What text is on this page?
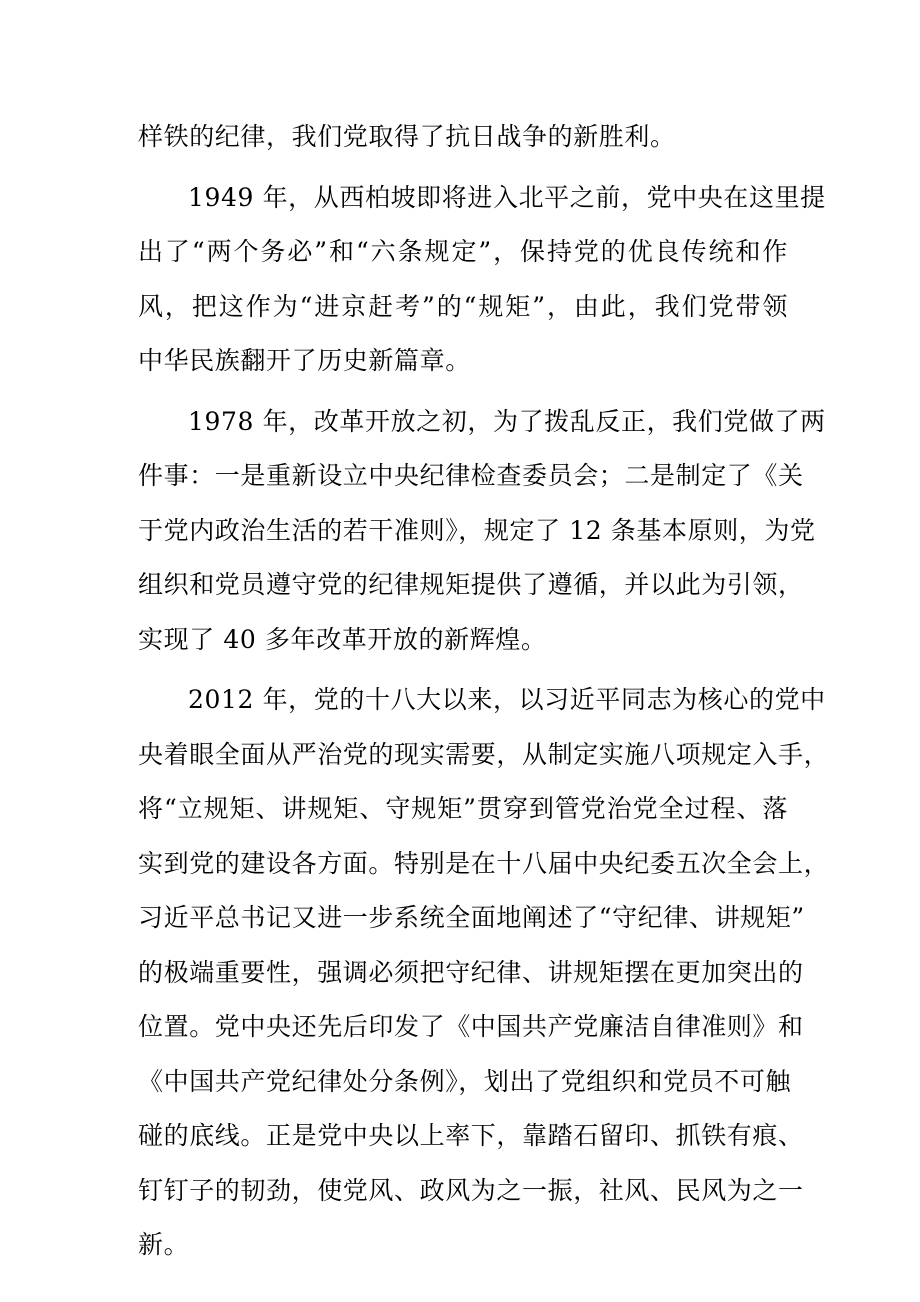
样铁的纪律，我们党取得了抗日战争的新胜利。
1949 年，从西柏坡即将进入北平之前，党中央在这里提
出了“两个务必”和“六条规定”，保持党的优良传统和作
风，把这作为“进京赶考”的“规矩”，由此，我们党带领
中华民族翻开了历史新篇章。
1978 年，改革开放之初，为了拨乱反正，我们党做了两
件事：一是重新设立中央纪律检查委员会；二是制定了《关
于党内政治生活的若干准则》，规定了 12 条基本原则，为党
组织和党员遵守党的纪律规矩提供了遵循，并以此为引领，
实现了 40 多年改革开放的新辉煌。
2012 年，党的十八大以来，以习近平同志为核心的党中
央着眼全面从严治党的现实需要，从制定实施八项规定入手，
将“立规矩、讲规矩、守规矩”贯穿到管党治党全过程、落
实到党的建设各方面。特别是在十八届中央纪委五次全会上，
习近平总书记又进一步系统全面地阐述了“守纪律、讲规矩”
的极端重要性，强调必须把守纪律、讲规矩摆在更加突出的
位置。党中央还先后印发了《中国共产党廉洁自律准则》和
《中国共产党纪律处分条例》，划出了党组织和党员不可触
碰的底线。正是党中央以上率下，靠踏石留印、抓铁有痕、
钉钉子的韧劲，使党风、政风为之一振，社风、民风为之一
新。
